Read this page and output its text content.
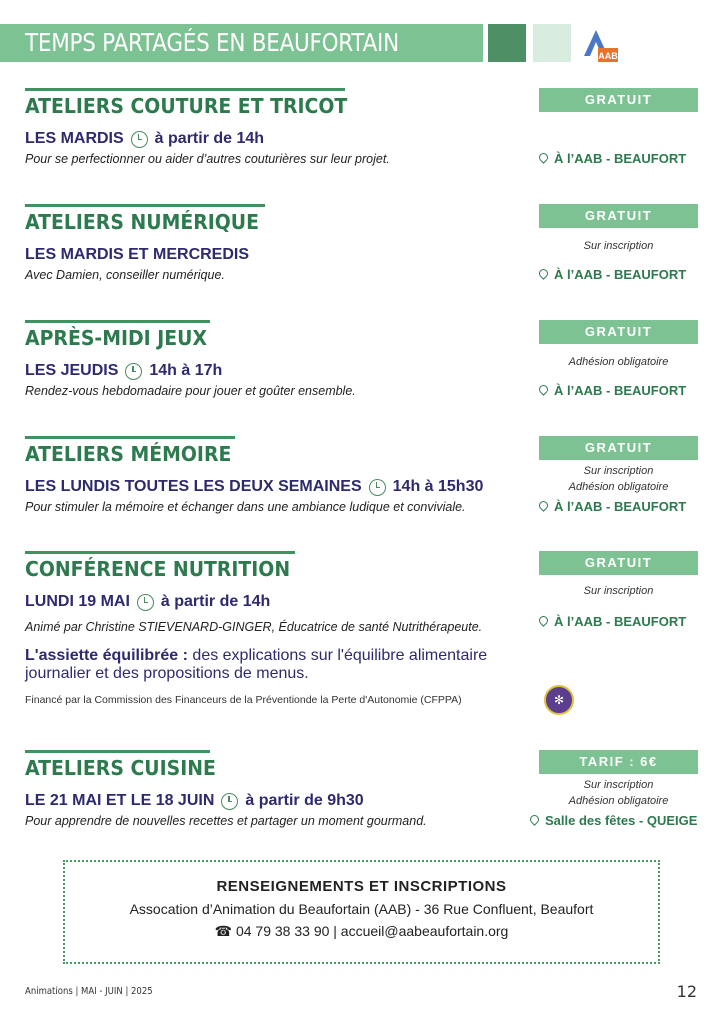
TEMPS PARTAGÉS EN BEAUFORTAIN	AAB
ATELIERS COUTURE ET TRICOT
LES MARDIS à partir de 14h
Pour se perfectionner ou aider d’autres couturières sur leur projet.
GRATUIT
À l’AAB - BEAUFORT
ATELIERS NUMÉRIQUE
LES MARDIS ET MERCREDIS
Avec Damien, conseiller numérique.
GRATUIT
Sur inscription
À l’AAB - BEAUFORT
APRÈS-MIDI JEUX
LES JEUDIS 14h à 17h
Rendez-vous hebdomadaire pour jouer et goûter ensemble.
GRATUIT
Adhésion obligatoire
À l’AAB - BEAUFORT
ATELIERS MÉMOIRE
LES LUNDIS TOUTES LES DEUX SEMAINES 14h à 15h30
Pour stimuler la mémoire et échanger dans une ambiance ludique et conviviale.
GRATUIT
Sur inscription
Adhésion obligatoire
À l’AAB - BEAUFORT
CONFÉRENCE NUTRITION
LUNDI 19 MAI à partir de 14h
Animé par Christine STIEVENARD-GINGER, Éducatrice de santé Nutrithérapeute.
L'assiette équilibrée : des explications sur l'équilibre alimentaire journalier et des propositions de menus.
Financé par la Commission des Financeurs de la Préventionde la Perte d'Autonomie (CFPPA)	✻
GRATUIT
Sur inscription
À l’AAB - BEAUFORT
ATELIERS CUISINE
LE 21 MAI ET LE 18 JUIN à partir de 9h30
Pour apprendre de nouvelles recettes et partager un moment gourmand.
TARIF : 6€
Sur inscription
Adhésion obligatoire
Salle des fêtes - QUEIGE
RENSEIGNEMENTS ET INSCRIPTIONS
Assocation d’Animation du Beaufortain (AAB) - 36 Rue Confluent, Beaufort
☎ 04 79 38 33 90 | accueil@aabeaufortain.org
Animations | MAI - JUIN | 2025	12
